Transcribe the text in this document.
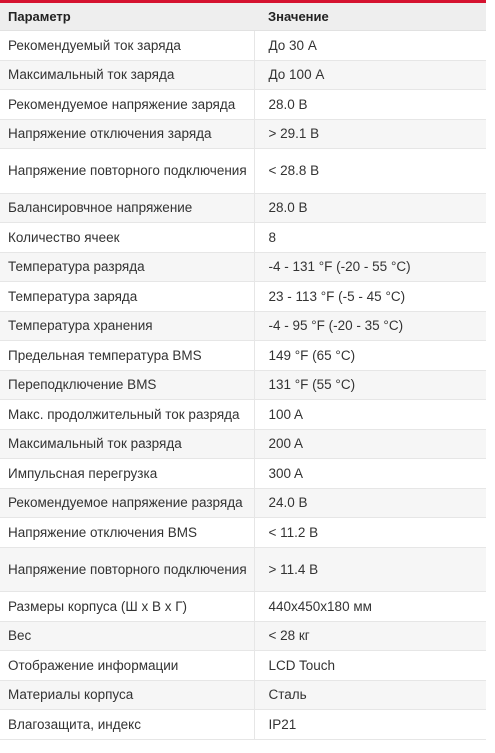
Параметр	Значение
Рекомендуемый ток заряда	До 30 А
Максимальный ток заряда	До 100 А
Рекомендуемое напряжение заряда	28.0 В
Напряжение отключения заряда	> 29.1 В
Напряжение повторного подключения	< 28.8 В
Балансировчное напряжение	28.0 В
Количество ячеек	8
Температура разряда	-4 - 131 °F (-20 - 55 °C)
Температура заряда	23 - 113 °F (-5 - 45 °C)
Температура хранения	-4 - 95 °F (-20 - 35 °C)
Предельная температура BMS	149 °F (65 °C)
Переподключение BMS	131 °F (55 °C)
Макс. продолжительный ток разряда	100 A
Максимальный ток разряда	200 A
Импульсная перегрузка	300 A
Рекомендуемое напряжение разряда	24.0 В
Напряжение отключения BMS	< 11.2 В
Напряжение повторного подключения	> 11.4 В
Размеры корпуса (Ш х В х Г)	440x450x180 мм
Вес	< 28 кг
Отображение информации	LCD Touch
Материалы корпуса	Сталь
Влагозащита, индекс	IP21
